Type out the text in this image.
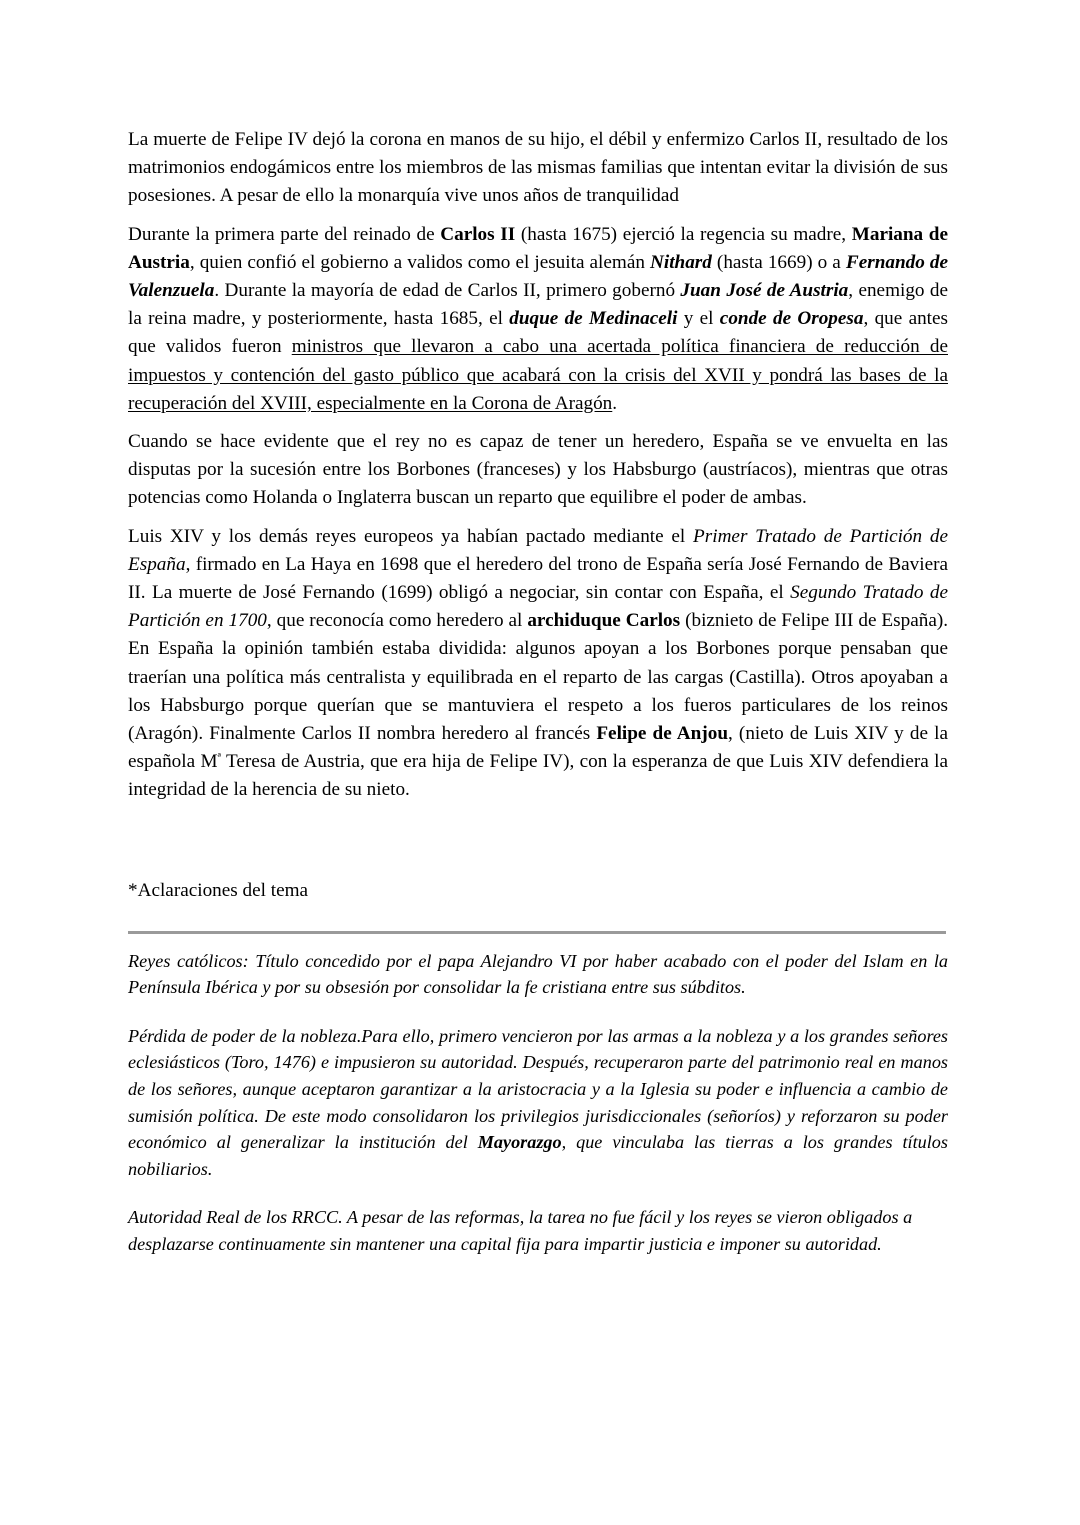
La muerte de Felipe IV dejó la corona en manos de su hijo, el débil y enfermizo Carlos II, resultado de los matrimonios endogámicos entre los miembros de las mismas familias que intentan evitar la división de sus posesiones. A pesar de ello la monarquía vive unos años de tranquilidad

Durante la primera parte del reinado de Carlos II (hasta 1675) ejerció la regencia su madre, Mariana de Austria, quien confió el gobierno a validos como el jesuita alemán Nithard (hasta 1669) o a Fernando de Valenzuela. Durante la mayoría de edad de Carlos II, primero gobernó Juan José de Austria, enemigo de la reina madre, y posteriormente, hasta 1685, el duque de Medinaceli y el conde de Oropesa, que antes que validos fueron ministros que llevaron a cabo una acertada política financiera de reducción de impuestos y contención del gasto público que acabará con la crisis del XVII y pondrá las bases de la recuperación del XVIII, especialmente en la Corona de Aragón.

Cuando se hace evidente que el rey no es capaz de tener un heredero, España se ve envuelta en las disputas por la sucesión entre los Borbones (franceses) y los Habsburgo (austríacos), mientras que otras potencias como Holanda o Inglaterra buscan un reparto que equilibre el poder de ambas.

Luis XIV y los demás reyes europeos ya habían pactado mediante el Primer Tratado de Partición de España, firmado en La Haya en 1698 que el heredero del trono de España sería José Fernando de Baviera II. La muerte de José Fernando (1699) obligó a negociar, sin contar con España, el Segundo Tratado de Partición en 1700, que reconocía como heredero al archiduque Carlos (biznieto de Felipe III de España). En España la opinión también estaba dividida: algunos apoyan a los Borbones porque pensaban que traerían una política más centralista y equilibrada en el reparto de las cargas (Castilla). Otros apoyaban a los Habsburgo porque querían que se mantuviera el respeto a los fueros particulares de los reinos (Aragón). Finalmente Carlos II nombra heredero al francés Felipe de Anjou, (nieto de Luis XIV y de la española $M^ª$ Teresa de Austria, que era hija de Felipe IV), con la esperanza de que Luis XIV defendiera la integridad de la herencia de su nieto.

*Aclaraciones del tema

Reyes católicos: Título concedido por el papa Alejandro VI por haber acabado con el poder del Islam en la Península Ibérica y por su obsesión por consolidar la fe cristiana entre sus súbditos.

Pérdida de poder de la nobleza.Para ello, primero vencieron por las armas a la nobleza y a los grandes señores eclesiásticos (Toro, 1476) e impusieron su autoridad. Después, recuperaron parte del patrimonio real en manos de los señores, aunque aceptaron garantizar a la aristocracia y a la Iglesia su poder e influencia a cambio de sumisión política. De este modo consolidaron los privilegios jurisdiccionales (señoríos) y reforzaron su poder económico al generalizar la institución del Mayorazgo, que vinculaba las tierras a los grandes títulos nobiliarios.

Autoridad Real de los RRCC. A pesar de las reformas, la tarea no fue fácil y los reyes se vieron obligados a desplazarse continuamente sin mantener una capital fija para impartir justicia e imponer su autoridad.
